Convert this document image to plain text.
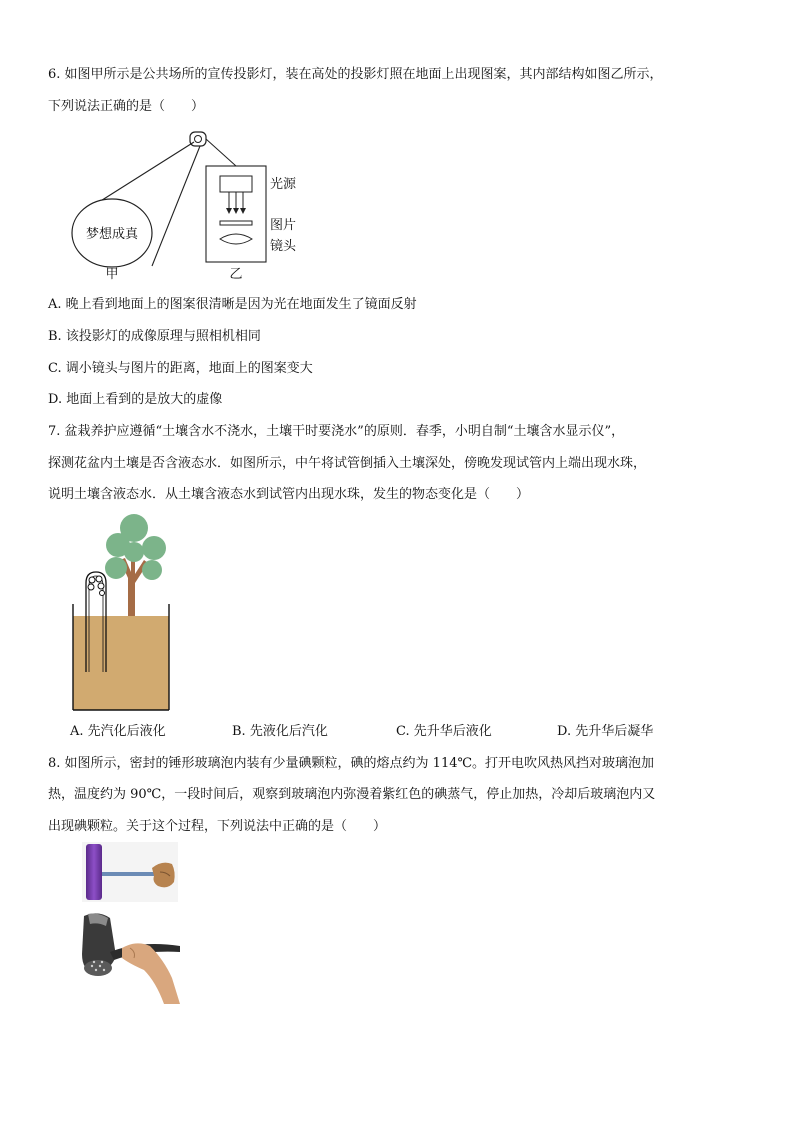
6. 如图甲所示是公共场所的宣传投影灯，装在高处的投影灯照在地面上出现图案，其内部结构如图乙所示，
下列说法正确的是（　　）
梦想成真
甲
光源
图片
镜头
乙
A. 晚上看到地面上的图案很清晰是因为光在地面发生了镜面反射
B. 该投影灯的成像原理与照相机相同
C. 调小镜头与图片的距离，地面上的图案变大
D. 地面上看到的是放大的虚像
7. 盆栽养护应遵循“土壤含水不浇水，土壤干时要浇水”的原则．春季，小明自制“土壤含水显示仪”，
探测花盆内土壤是否含液态水．如图所示，中午将试管倒插入土壤深处，傍晚发现试管内上端出现水珠，
说明土壤含液态水．从土壤含液态水到试管内出现水珠，发生的物态变化是（　　）
A. 先汽化后液化	B. 先液化后汽化	C. 先升华后液化	D. 先升华后凝华
8. 如图所示，密封的锤形玻璃泡内装有少量碘颗粒，碘的熔点约为 114℃。打开电吹风热风挡对玻璃泡加
热，温度约为 90℃，一段时间后，观察到玻璃泡内弥漫着紫红色的碘蒸气，停止加热，冷却后玻璃泡内又
出现碘颗粒。关于这个过程，下列说法中正确的是（　　）
